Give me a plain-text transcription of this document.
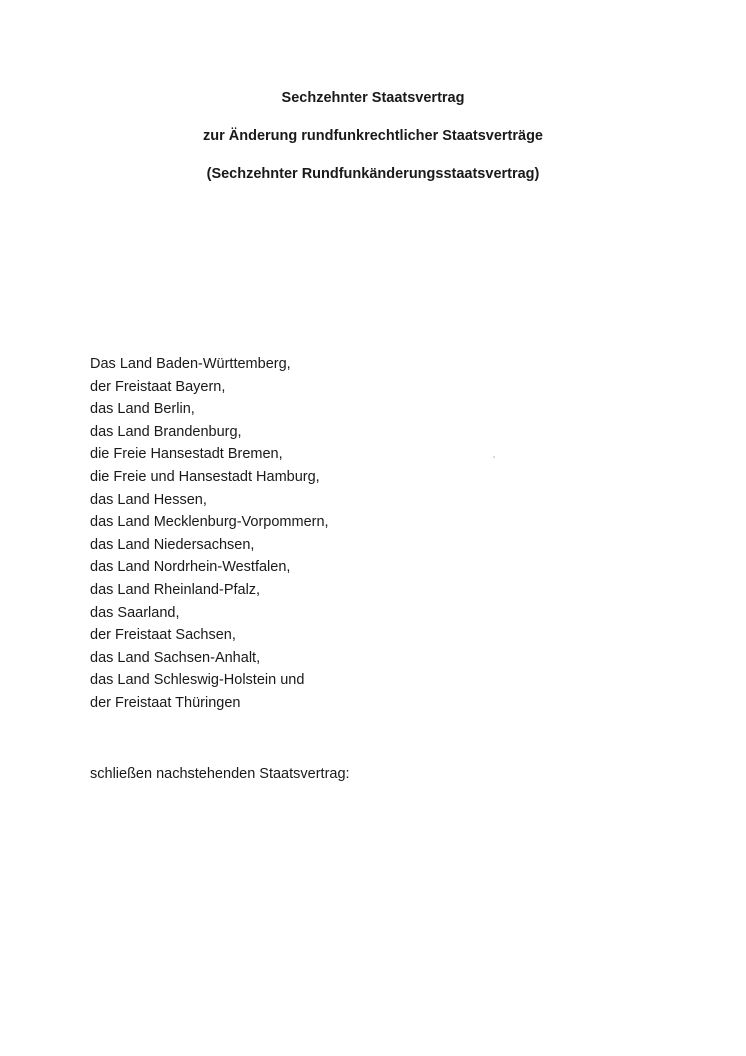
Sechzehnter Staatsvertrag
zur Änderung rundfunkrechtlicher Staatsverträge
(Sechzehnter Rundfunkänderungsstaatsvertrag)
Das Land Baden-Württemberg,
der Freistaat Bayern,
das Land Berlin,
das Land Brandenburg,
die Freie Hansestadt Bremen,
die Freie und Hansestadt Hamburg,
das Land Hessen,
das Land Mecklenburg-Vorpommern,
das Land Niedersachsen,
das Land Nordrhein-Westfalen,
das Land Rheinland-Pfalz,
das Saarland,
der Freistaat Sachsen,
das Land Sachsen-Anhalt,
das Land Schleswig-Holstein und
der Freistaat Thüringen
schließen nachstehenden Staatsvertrag:
